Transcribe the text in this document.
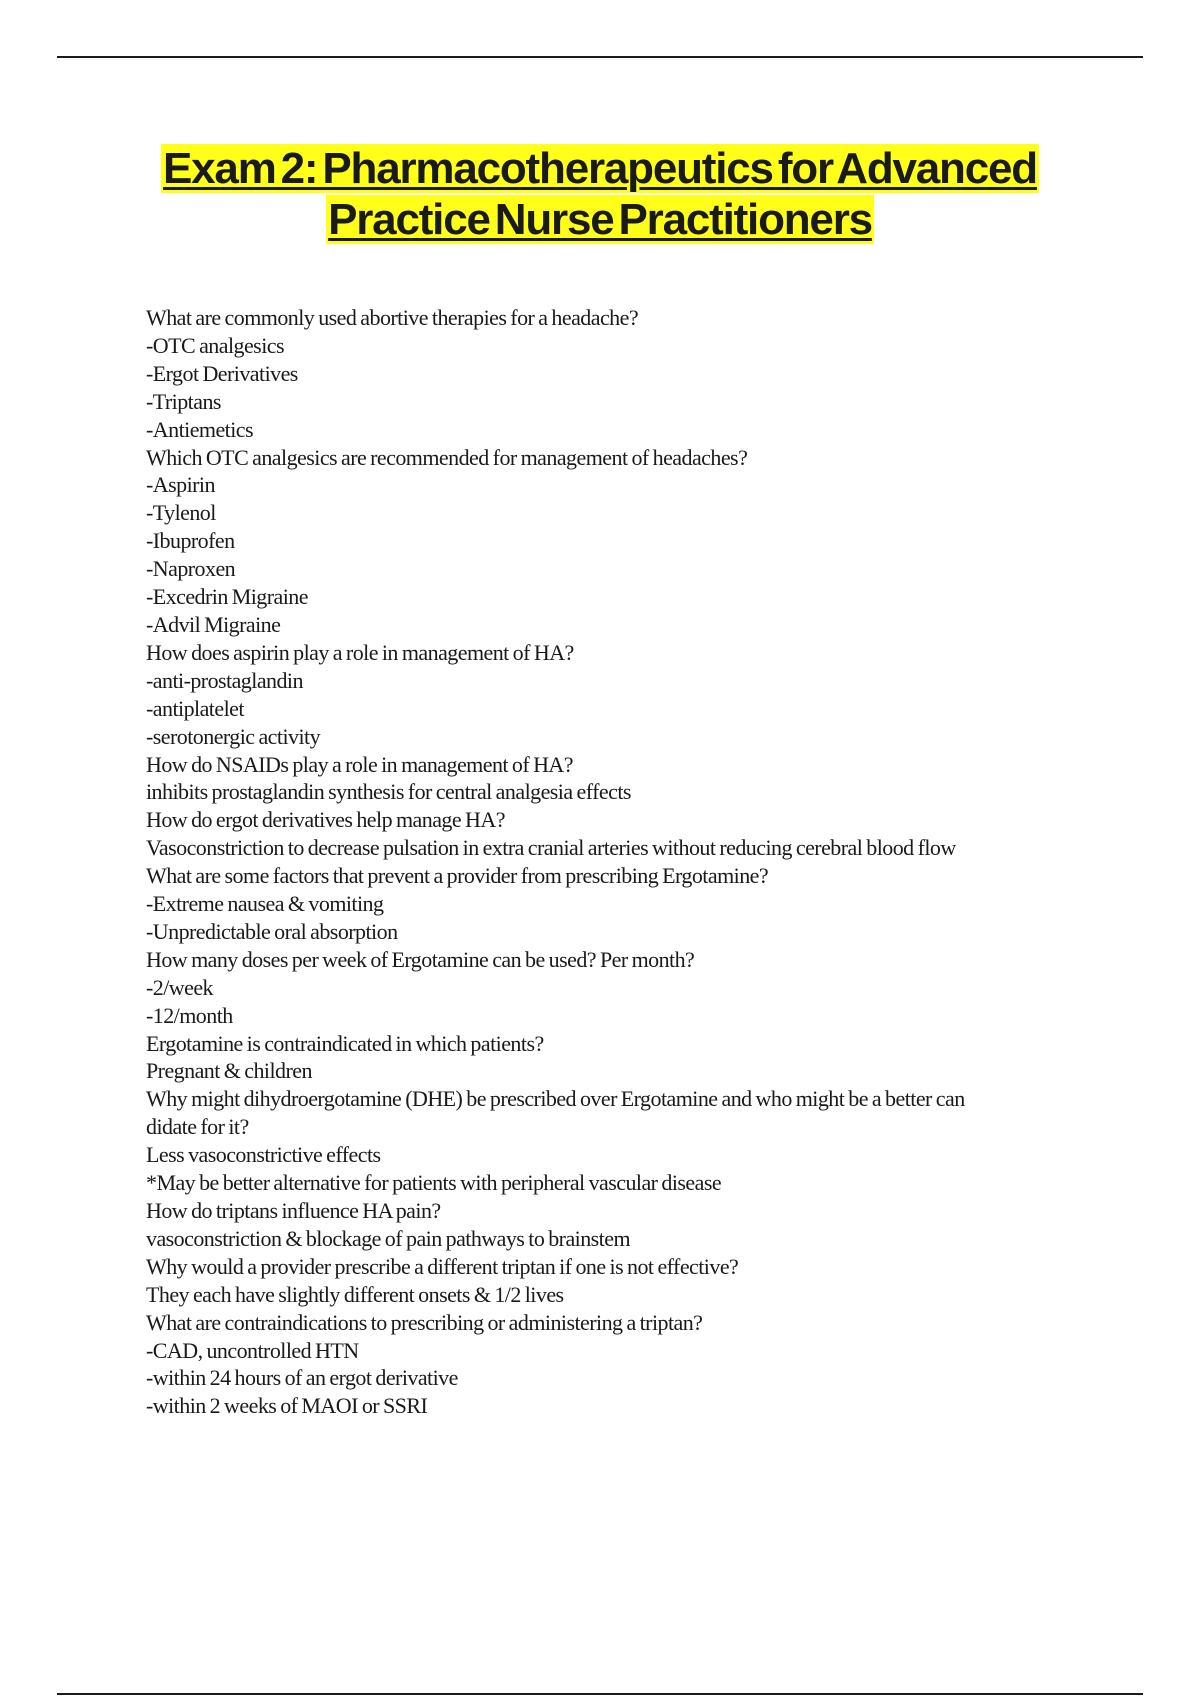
Exam 2: Pharmacotherapeutics for Advanced
Practice Nurse Practitioners
What are commonly used abortive therapies for a headache?
-OTC analgesics
-Ergot Derivatives
-Triptans
-Antiemetics
Which OTC analgesics are recommended for management of headaches?
-Aspirin
-Tylenol
-Ibuprofen
-Naproxen
-Excedrin Migraine
-Advil Migraine
How does aspirin play a role in management of HA?
-anti-prostaglandin
-antiplatelet
-serotonergic activity
How do NSAIDs play a role in management of HA?
inhibits prostaglandin synthesis for central analgesia effects
How do ergot derivatives help manage HA?
Vasoconstriction to decrease pulsation in extra cranial arteries without reducing cerebral blood flow
What are some factors that prevent a provider from prescribing Ergotamine?
-Extreme nausea & vomiting
-Unpredictable oral absorption
How many doses per week of Ergotamine can be used? Per month?
-2/week
-12/month
Ergotamine is contraindicated in which patients?
Pregnant & children
Why might dihydroergotamine (DHE) be prescribed over Ergotamine and who might be a better can
didate for it?
Less vasoconstrictive effects
*May be better alternative for patients with peripheral vascular disease
How do triptans influence HA pain?
vasoconstriction & blockage of pain pathways to brainstem
Why would a provider prescribe a different triptan if one is not effective?
They each have slightly different onsets & 1/2 lives
What are contraindications to prescribing or administering a triptan?
-CAD, uncontrolled HTN
-within 24 hours of an ergot derivative
-within 2 weeks of MAOI or SSRI
